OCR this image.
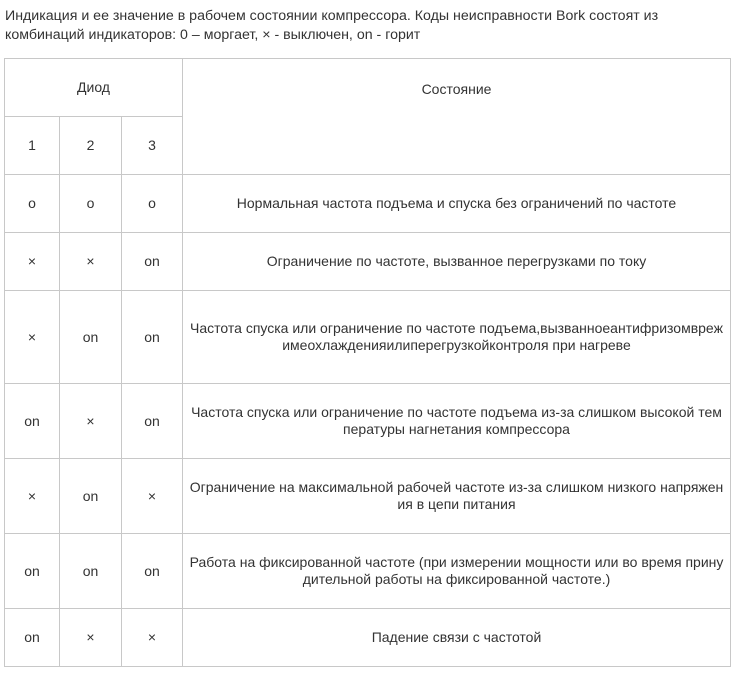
Индикация и ее значение в рабочем состоянии компрессора. Коды неисправности Bork состоят из
комбинаций индикаторов: 0 – моргает, × - выключен, on - горит

Диод			Состояние
1	2	3	
o	o	o	Нормальная частота подъема и спуска без ограничений по частоте
×	×	on	Ограничение по частоте, вызванное перегрузками по току
×	on	on	Частота спуска или ограничение по частоте подъема,вызванноеантифризомврежимеохлажденияилиперегрузкойконтроля при нагреве
on	×	on	Частота спуска или ограничение по частоте подъема из-за слишком высокой температуры нагнетания компрессора
×	on	×	Ограничение на максимальной рабочей частоте из-за слишком низкого напряжения в цепи питания
on	on	on	Работа на фиксированной частоте (при измерении мощности или во время принудительной работы на фиксированной частоте.)
on	×	×	Падение связи с частотой
